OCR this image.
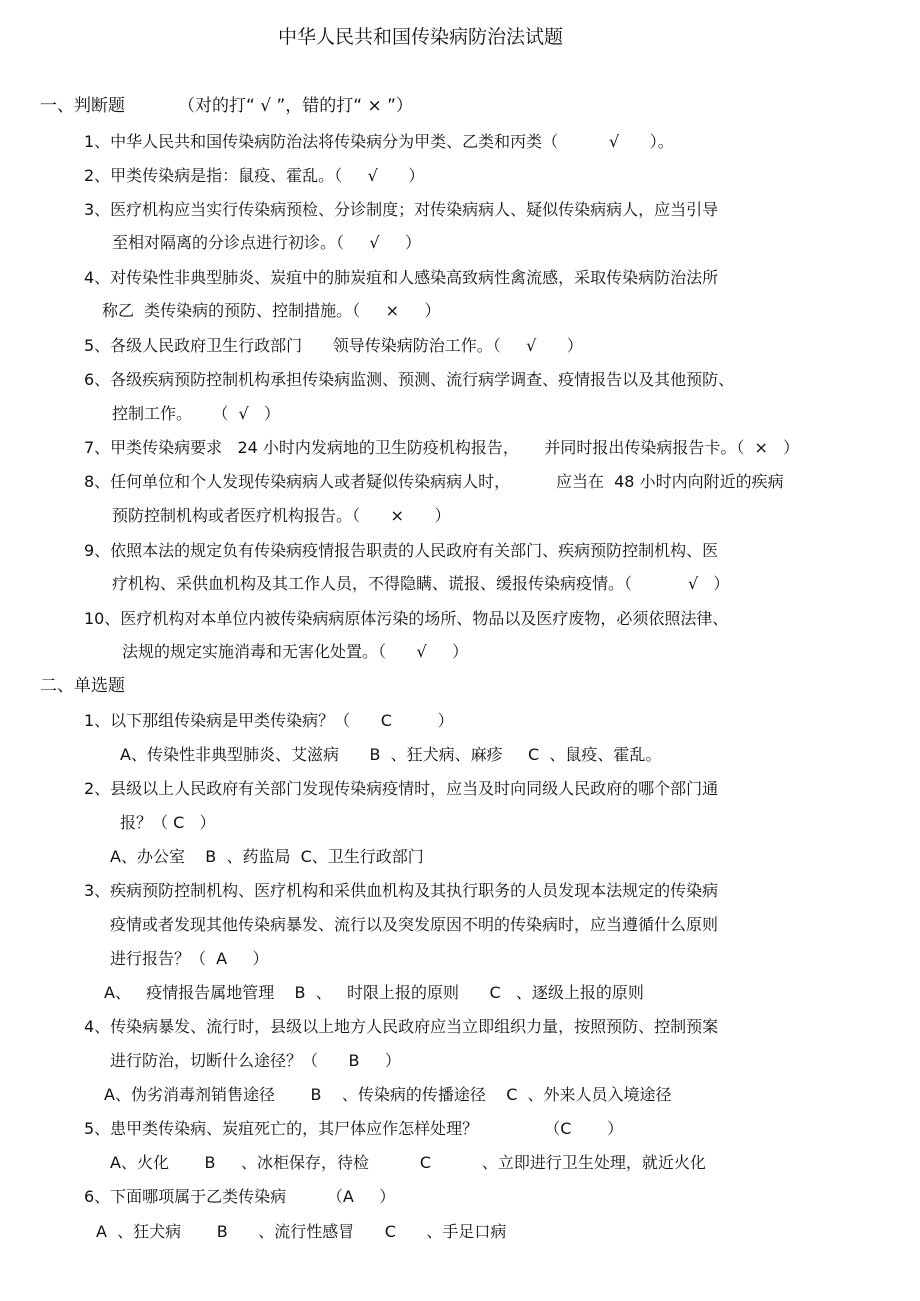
中华人民共和国传染病防治法试题
一、判断题	（对的打“ √ ”，错的打“ × ”）
1、中华人民共和国传染病防治法将传染病分为甲类、乙类和丙类（          √      ）。
2、甲类传染病是指：鼠疫、霍乱。（     √      ）
3、医疗机构应当实行传染病预检、分诊制度；对传染病病人、疑似传染病病人，应当引导
至相对隔离的分诊点进行初诊。（     √     ）
4、对传染性非典型肺炎、炭疽中的肺炭疽和人感染高致病性禽流感，采取传染病防治法所
称乙  类传染病的预防、控制措施。（     ×     ）
5、各级人民政府卫生行政部门      领导传染病防治工作。（     √      ）
6、各级疾病预防控制机构承担传染病监测、预测、流行病学调查、疫情报告以及其他预防、
控制工作。    （  √   ）
7、甲类传染病要求   24 小时内发病地的卫生防疫机构报告，     并同时报出传染病报告卡。（  ×   ）
8、任何单位和个人发现传染病病人或者疑似传染病病人时，         应当在  48 小时内向附近的疾病
预防控制机构或者医疗机构报告。（      ×      ）
9、依照本法的规定负有传染病疫情报告职责的人民政府有关部门、疾病预防控制机构、医
疗机构、采供血机构及其工作人员，不得隐瞒、谎报、缓报传染病疫情。（           √   ）
10、医疗机构对本单位内被传染病病原体污染的场所、物品以及医疗废物，必须依照法律、
法规的规定实施消毒和无害化处置。（      √     ）
二、单选题
1、以下那组传染病是甲类传染病？（      C         ）
A、传染性非典型肺炎、艾滋病      B  、狂犬病、麻疹     C  、鼠疫、霍乱。
2、县级以上人民政府有关部门发现传染病疫情时，应当及时向同级人民政府的哪个部门通
报？（ C   ）
A、办公室    B  、药监局  C、卫生行政部门
3、疾病预防控制机构、医疗机构和采供血机构及其执行职务的人员发现本法规定的传染病
疫情或者发现其他传染病暴发、流行以及突发原因不明的传染病时，应当遵循什么原则
进行报告？（  A     ）
A、   疫情报告属地管理    B  、   时限上报的原则      C   、逐级上报的原则
4、传染病暴发、流行时，县级以上地方人民政府应当立即组织力量，按照预防、控制预案
进行防治，切断什么途径？（      B     ）
A、伪劣消毒剂销售途径       B    、传染病的传播途径    C  、外来人员入境途径
5、患甲类传染病、炭疽死亡的，其尸体应作怎样处理？             （C       ）
A、火化       B     、冰柜保存，待检          C          、立即进行卫生处理，就近火化
6、下面哪项属于乙类传染病        （A     ）
A  、狂犬病       B      、流行性感冒      C      、手足口病
